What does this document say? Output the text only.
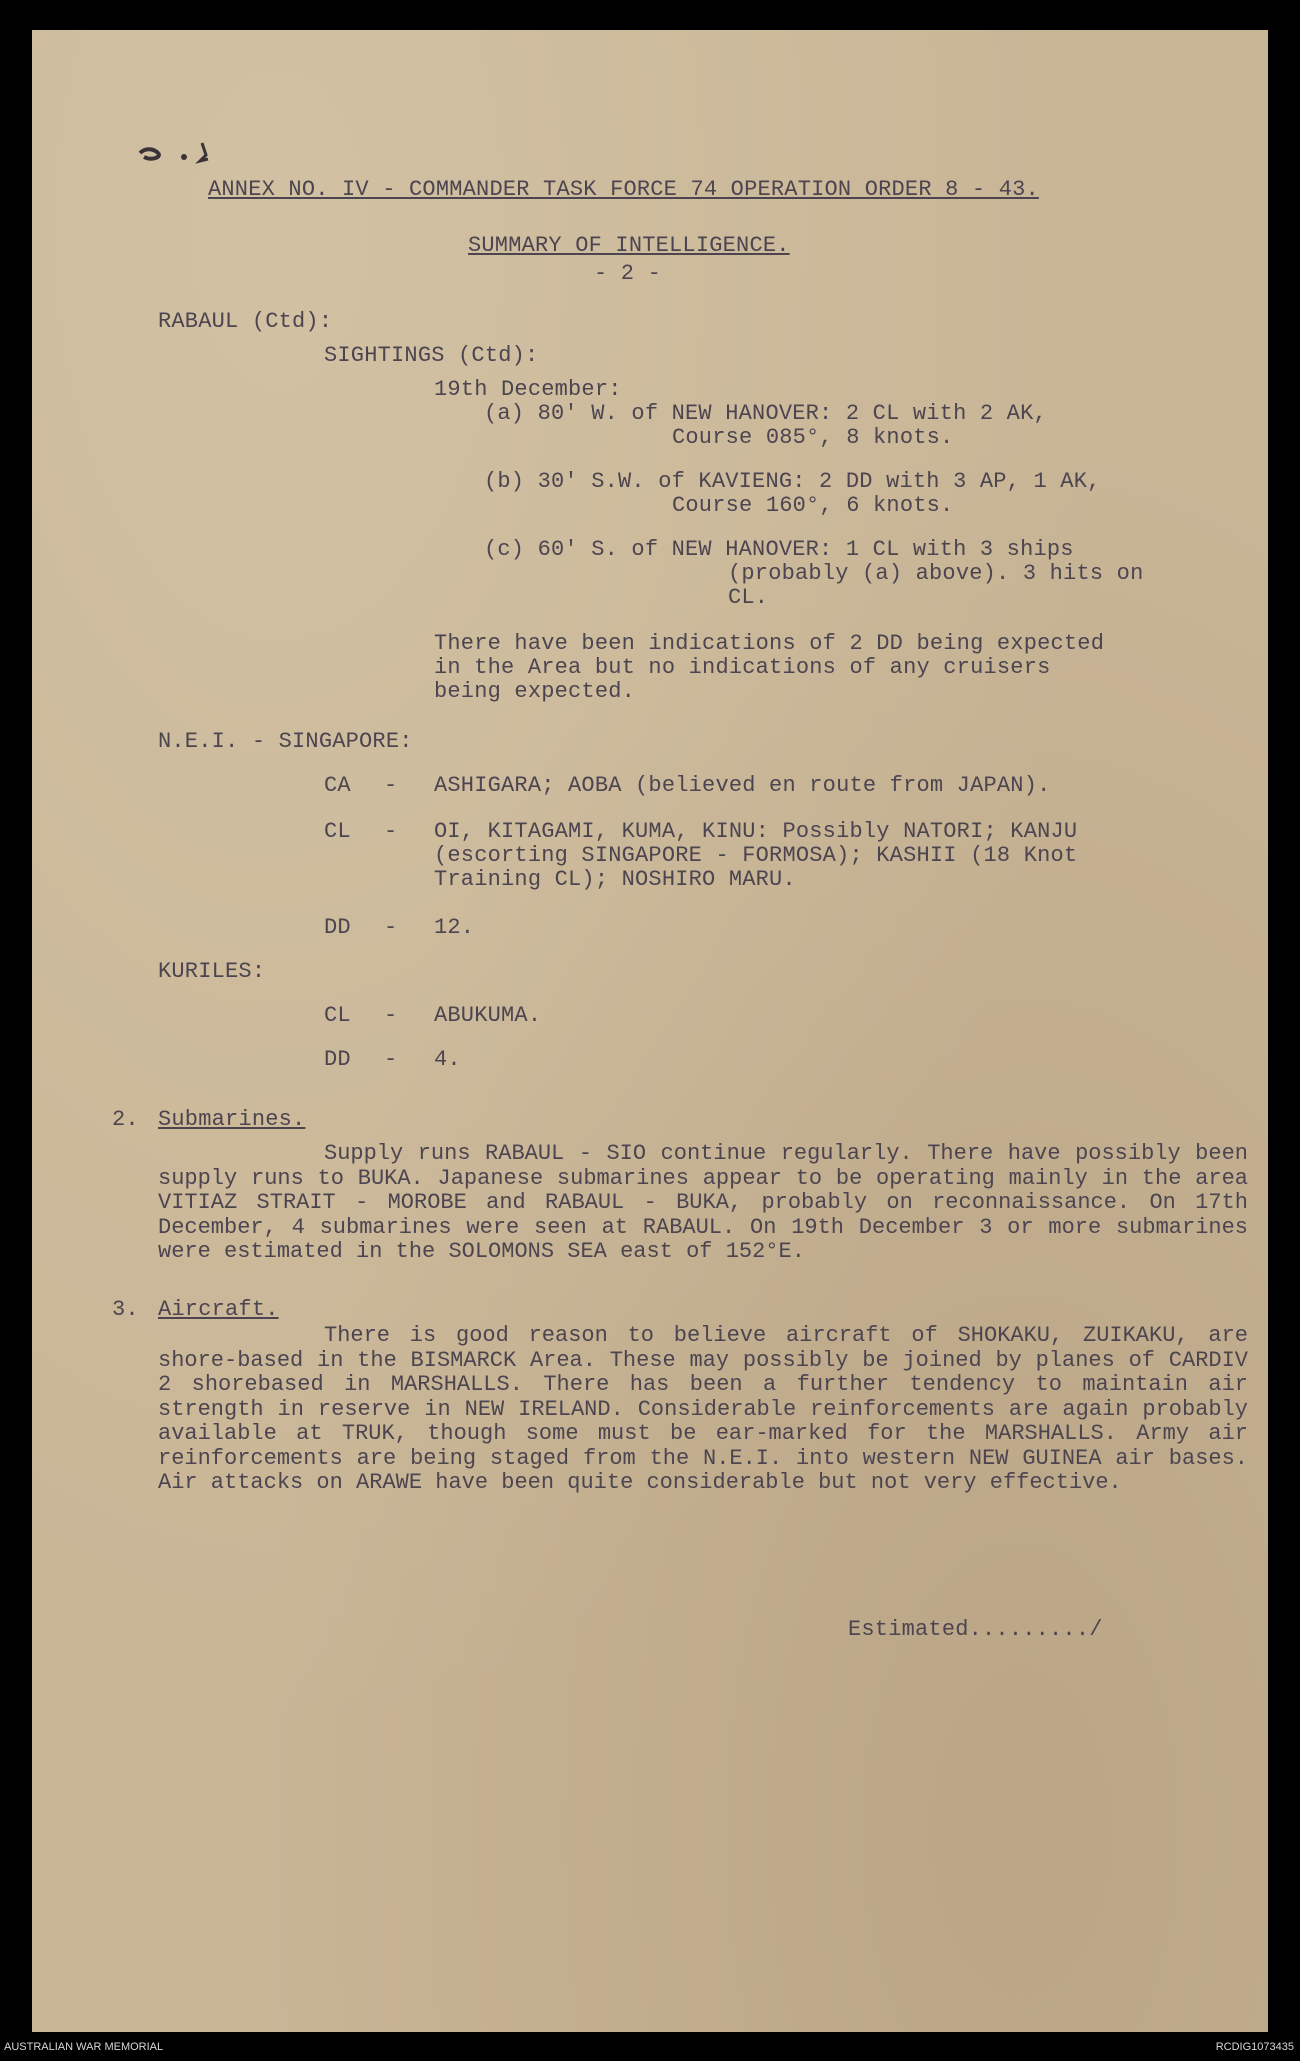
ANNEX NO. IV - COMMANDER TASK FORCE 74 OPERATION ORDER 8 - 43.
SUMMARY OF INTELLIGENCE.
- 2 -
RABAUL (Ctd):
SIGHTINGS (Ctd):
19th December:
(a) 80' W. of NEW HANOVER: 2 CL with 2 AK,
Course 085°, 8 knots.
(b) 30' S.W. of KAVIENG: 2 DD with 3 AP, 1 AK,
Course 160°, 6 knots.
(c) 60' S. of NEW HANOVER: 1 CL with 3 ships
(probably (a) above). 3 hits on
CL.
There have been indications of 2 DD being expected
in the Area but no indications of any cruisers
being expected.
N.E.I. - SINGAPORE:
CA - ASHIGARA; AOBA (believed en route from JAPAN).
CL - OI, KITAGAMI, KUMA, KINU: Possibly NATORI; KANJU
(escorting SINGAPORE - FORMOSA); KASHII (18 Knot
Training CL); NOSHIRO MARU.
DD - 12.
KURILES:
CL - ABUKUMA.
DD - 4.
2. Submarines.
Supply runs RABAUL - SIO continue regularly. There have possibly been supply runs to BUKA. Japanese submarines appear to be operating mainly in the area VITIAZ STRAIT - MOROBE and RABAUL - BUKA, probably on reconnaissance. On 17th December, 4 submarines were seen at RABAUL. On 19th December 3 or more submarines were estimated in the SOLOMONS SEA east of 152°E.
3. Aircraft.
There is good reason to believe aircraft of SHOKAKU, ZUIKAKU, are shore-based in the BISMARCK Area. These may possibly be joined by planes of CARDIV 2 shorebased in MARSHALLS. There has been a further tendency to maintain air strength in reserve in NEW IRELAND. Considerable reinforcements are again probably available at TRUK, though some must be ear-marked for the MARSHALLS. Army air reinforcements are being staged from the N.E.I. into western NEW GUINEA air bases. Air attacks on ARAWE have been quite considerable but not very effective.
Estimated........./
AUSTRALIAN WAR MEMORIAL	RCDIG1073435
